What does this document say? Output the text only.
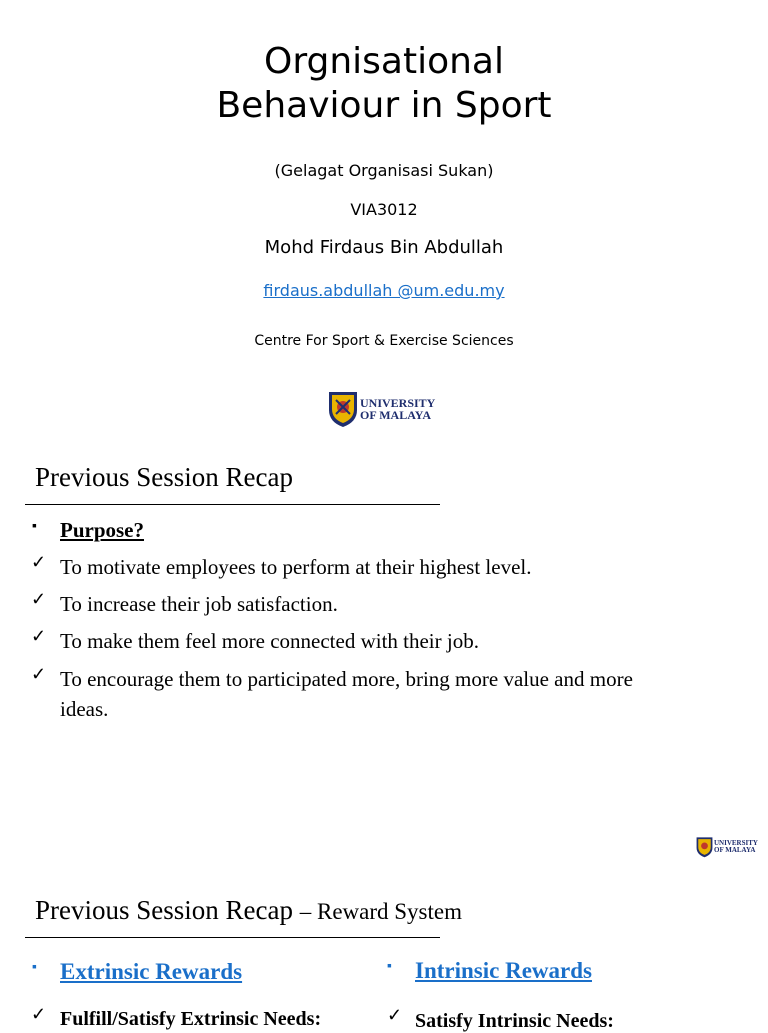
Orgnisational Behaviour in Sport
(Gelagat Organisasi Sukan)
VIA3012
Mohd Firdaus Bin Abdullah
firdaus.abdullah @um.edu.my
Centre For Sport & Exercise Sciences
UNIVERSITY
OF MALAYA
Previous Session Recap
▪ Purpose?
✓ To motivate employees to perform at their highest level.
✓ To increase their job satisfaction.
✓ To make them feel more connected with their job.
✓ To encourage them to participated more, bring more value and more ideas.
UNIVERSITY
OF MALAYA
Previous Session Recap – Reward System
▪ Extrinsic Rewards	▪ Intrinsic Rewards
✓ Fulfill/Satisfy Extrinsic Needs:	✓ Satisfy Intrinsic Needs:
